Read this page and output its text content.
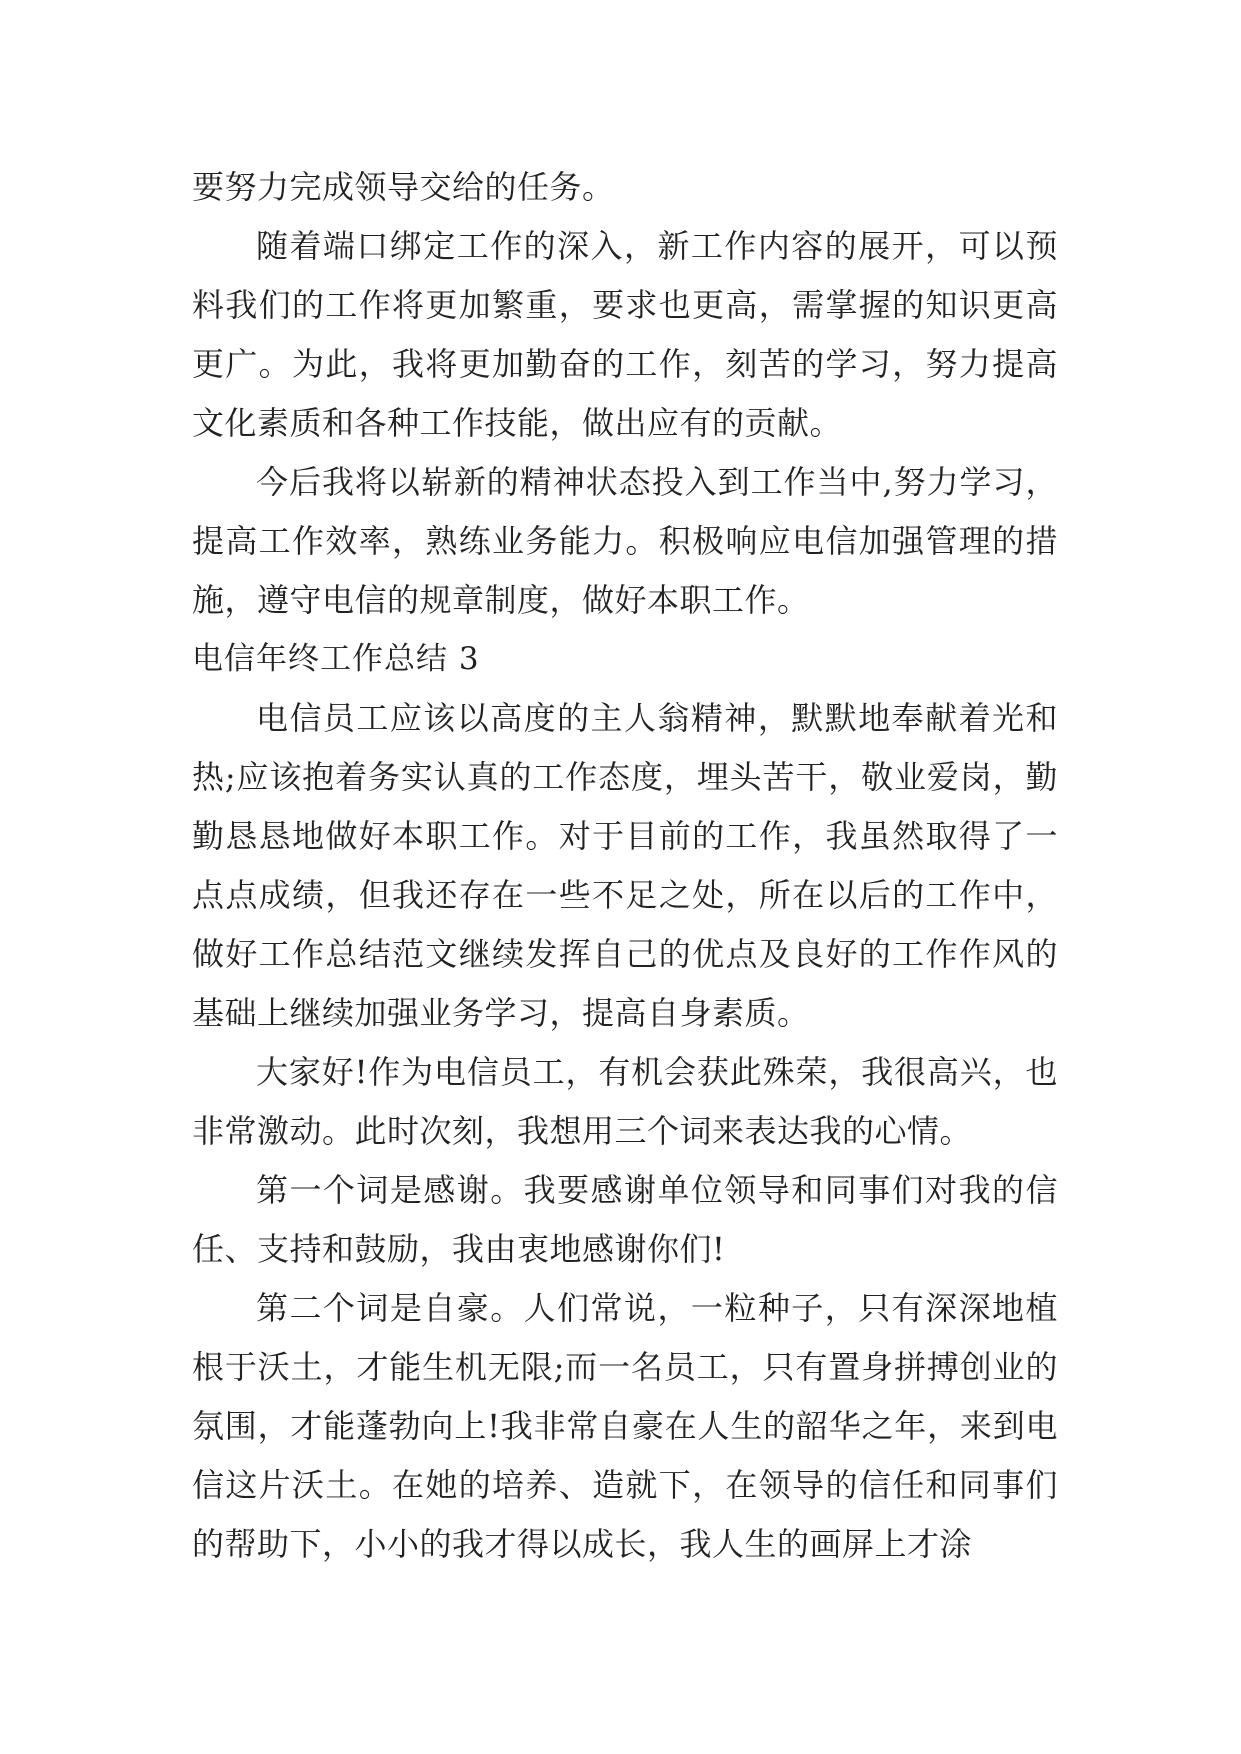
要努力完成领导交给的任务。

随着端口绑定工作的深入，新工作内容的展开，可以预料我们的工作将更加繁重，要求也更高，需掌握的知识更高更广。为此，我将更加勤奋的工作，刻苦的学习，努力提高文化素质和各种工作技能，做出应有的贡献。

今后我将以崭新的精神状态投入到工作当中,努力学习，提高工作效率，熟练业务能力。积极响应电信加强管理的措施，遵守电信的规章制度，做好本职工作。

电信年终工作总结 3

电信员工应该以高度的主人翁精神，默默地奉献着光和热;应该抱着务实认真的工作态度，埋头苦干，敬业爱岗，勤勤恳恳地做好本职工作。对于目前的工作，我虽然取得了一点点成绩，但我还存在一些不足之处，所在以后的工作中，做好工作总结范文继续发挥自己的优点及良好的工作作风的基础上继续加强业务学习，提高自身素质。

大家好!作为电信员工，有机会获此殊荣，我很高兴，也非常激动。此时次刻，我想用三个词来表达我的心情。

第一个词是感谢。我要感谢单位领导和同事们对我的信任、支持和鼓励，我由衷地感谢你们!

第二个词是自豪。人们常说，一粒种子，只有深深地植根于沃土，才能生机无限;而一名员工，只有置身拼搏创业的氛围，才能蓬勃向上!我非常自豪在人生的韶华之年，来到电信这片沃土。在她的培养、造就下，在领导的信任和同事们的帮助下，小小的我才得以成长，我人生的画屏上才涂
